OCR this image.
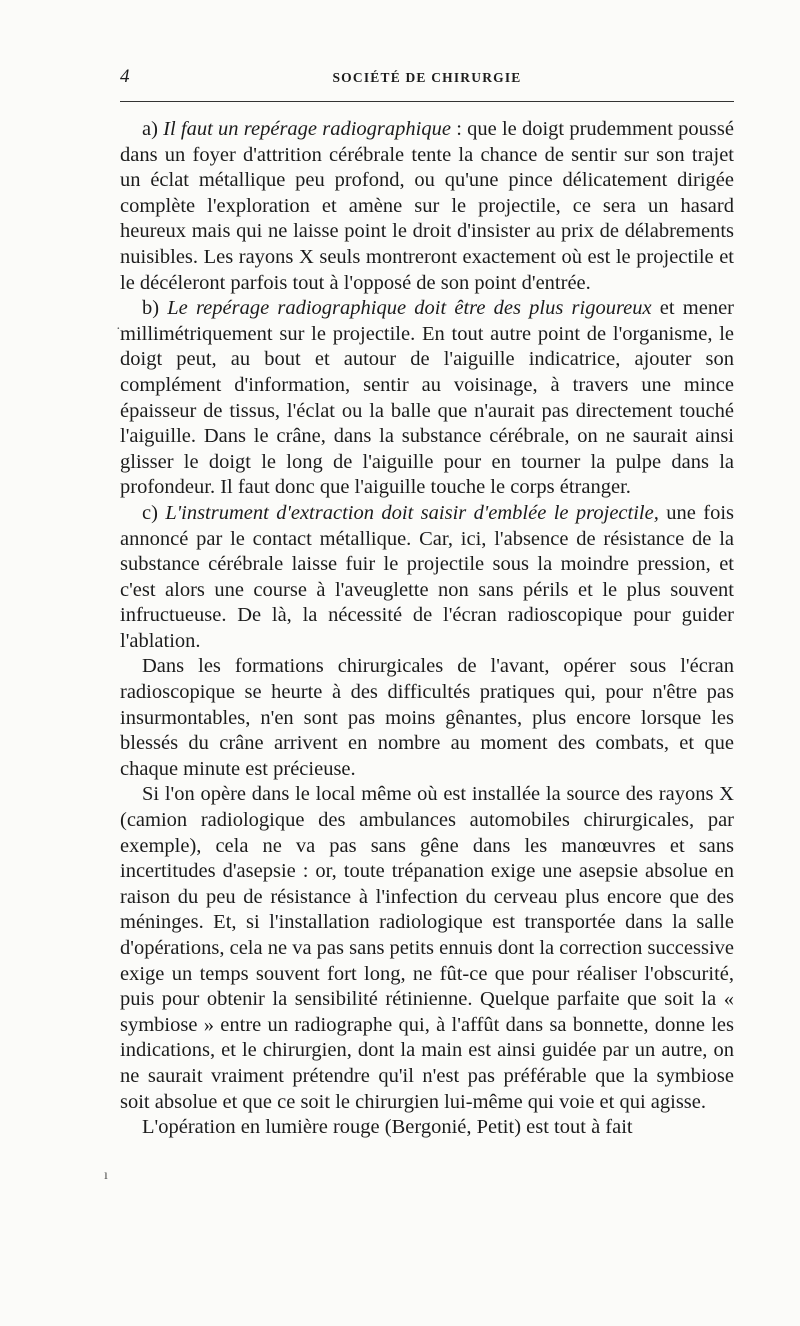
4	SOCIÉTÉ DE CHIRURGIE

a) Il faut un repérage radiographique : que le doigt prudemment poussé dans un foyer d'attrition cérébrale tente la chance de sentir sur son trajet un éclat métallique peu profond, ou qu'une pince délicatement dirigée complète l'exploration et amène sur le projectile, ce sera un hasard heureux mais qui ne laisse point le droit d'insister au prix de délabrements nuisibles. Les rayons X seuls montreront exactement où est le projectile et le décéleront parfois tout à l'opposé de son point d'entrée.

b) Le repérage radiographique doit être des plus rigoureux et mener millimétriquement sur le projectile. En tout autre point de l'organisme, le doigt peut, au bout et autour de l'aiguille indicatrice, ajouter son complément d'information, sentir au voisinage, à travers une mince épaisseur de tissus, l'éclat ou la balle que n'aurait pas directement touché l'aiguille. Dans le crâne, dans la substance cérébrale, on ne saurait ainsi glisser le doigt le long de l'aiguille pour en tourner la pulpe dans la profondeur. Il faut donc que l'aiguille touche le corps étranger.

c) L'instrument d'extraction doit saisir d'emblée le projectile, une fois annoncé par le contact métallique. Car, ici, l'absence de résistance de la substance cérébrale laisse fuir le projectile sous la moindre pression, et c'est alors une course à l'aveuglette non sans périls et le plus souvent infructueuse. De là, la nécessité de l'écran radioscopique pour guider l'ablation.

Dans les formations chirurgicales de l'avant, opérer sous l'écran radioscopique se heurte à des difficultés pratiques qui, pour n'être pas insurmontables, n'en sont pas moins gênantes, plus encore lorsque les blessés du crâne arrivent en nombre au moment des combats, et que chaque minute est précieuse.

Si l'on opère dans le local même où est installée la source des rayons X (camion radiologique des ambulances automobiles chirurgicales, par exemple), cela ne va pas sans gêne dans les manœuvres et sans incertitudes d'asepsie : or, toute trépanation exige une asepsie absolue en raison du peu de résistance à l'infection du cerveau plus encore que des méninges. Et, si l'installation radiologique est transportée dans la salle d'opérations, cela ne va pas sans petits ennuis dont la correction successive exige un temps souvent fort long, ne fût-ce que pour réaliser l'obscurité, puis pour obtenir la sensibilité rétinienne. Quelque parfaite que soit la « symbiose » entre un radiographe qui, à l'affût dans sa bonnette, donne les indications, et le chirurgien, dont la main est ainsi guidée par un autre, on ne saurait vraiment prétendre qu'il n'est pas préférable que la symbiose soit absolue et que ce soit le chirurgien lui-même qui voie et qui agisse.

L'opération en lumière rouge (Bergonié, Petit) est tout à fait

·
ı
